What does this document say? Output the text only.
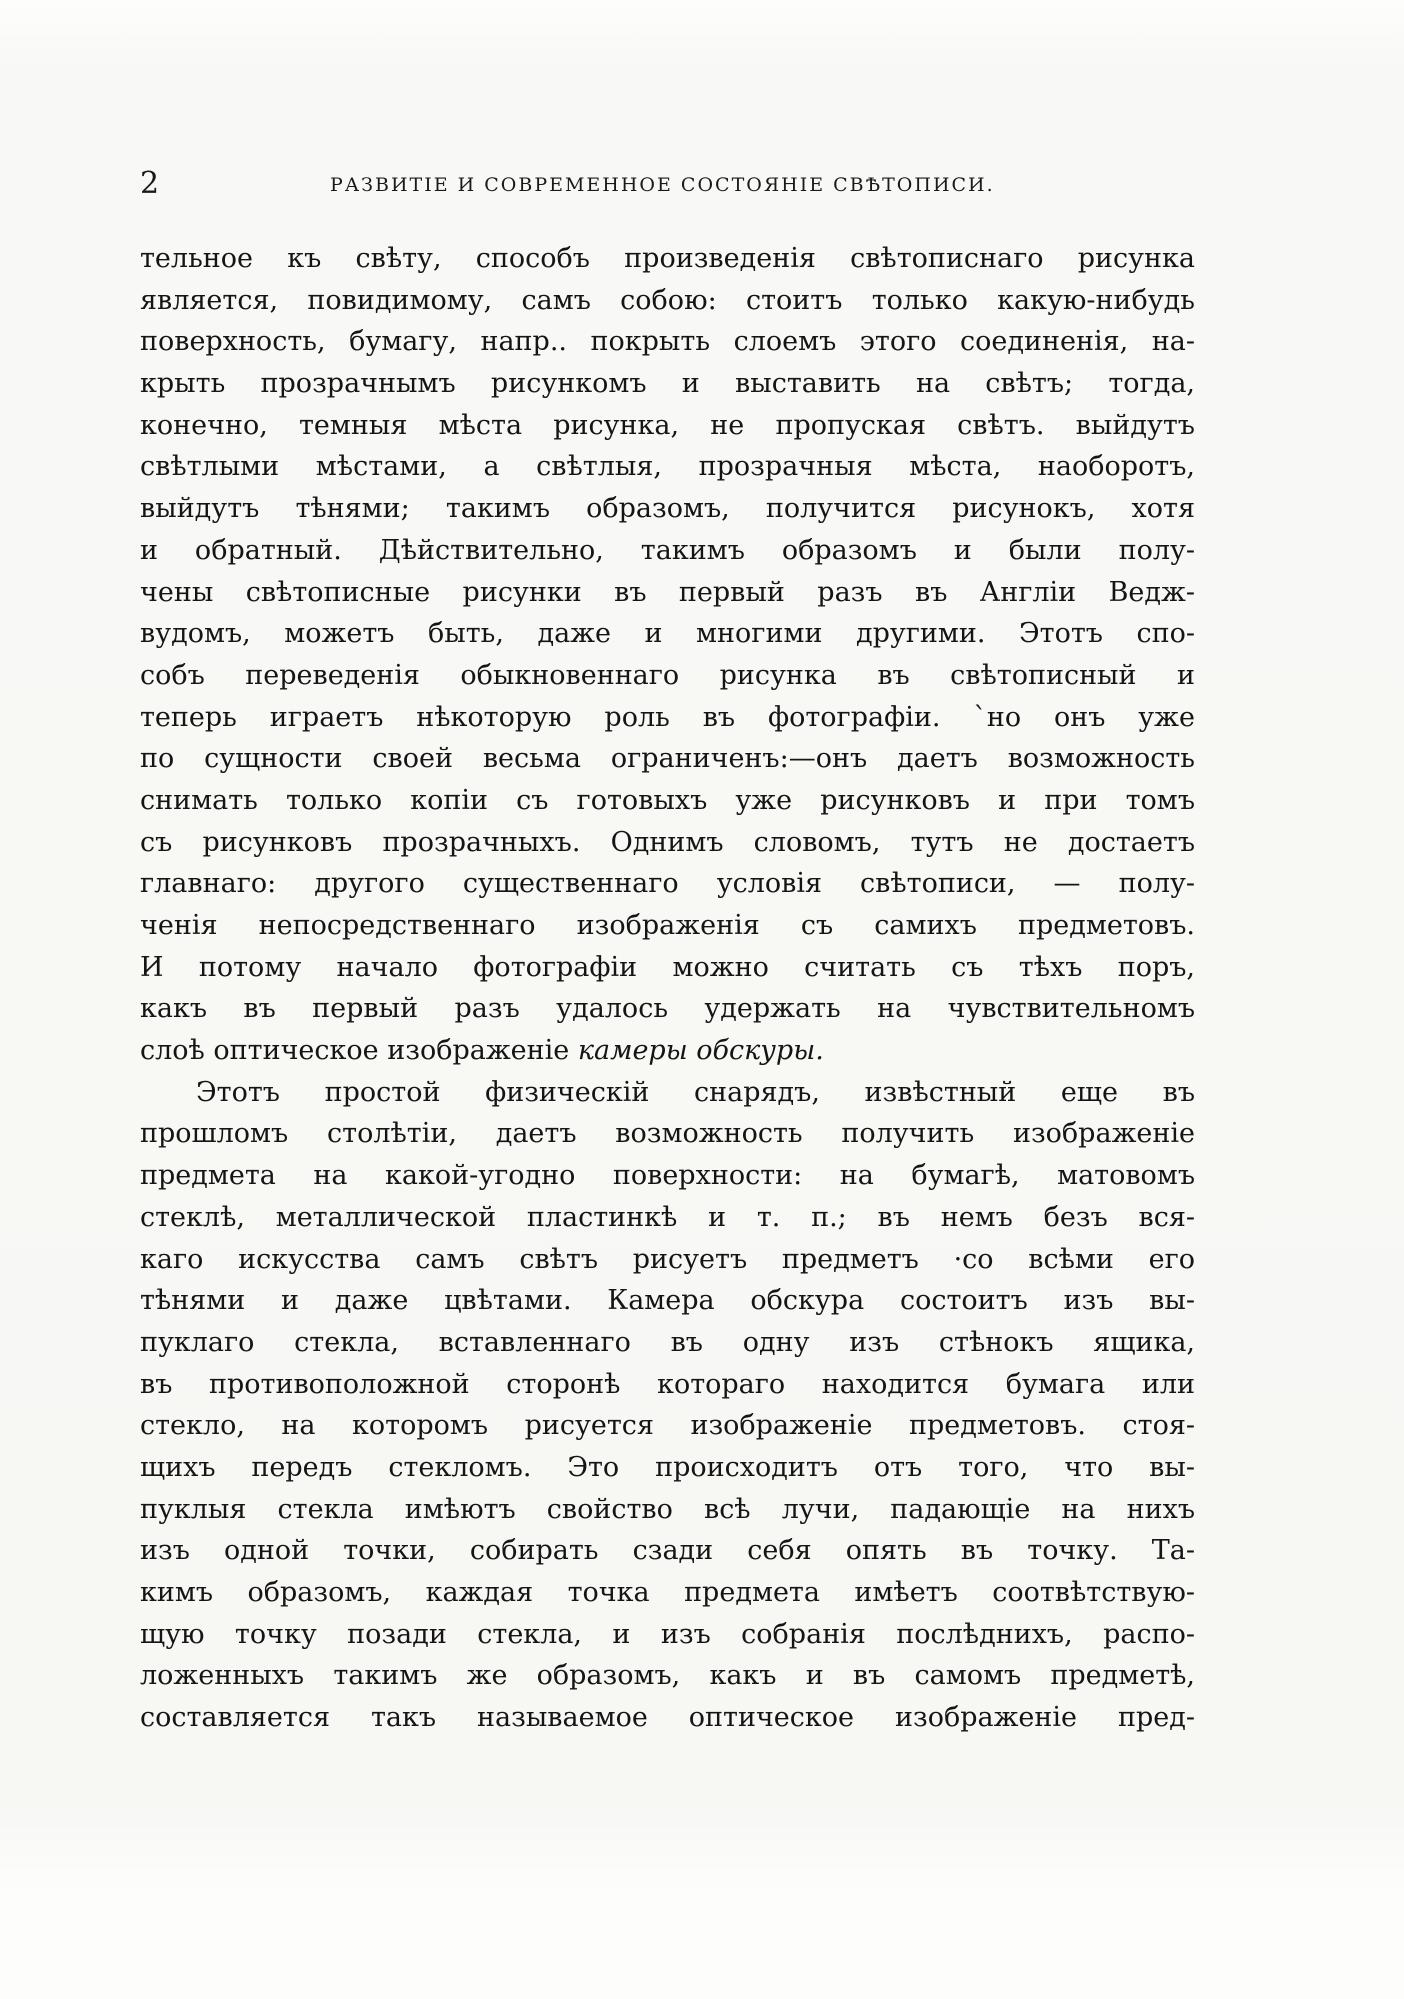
2	РАЗВИТІЕ И СОВРЕМЕННОЕ СОСТОЯНІЕ СВѢТОПИСИ.
тельное къ свѣту, способъ произведенія свѣтописнаго рисунка
является, повидимому, самъ собою: стоитъ только какую-нибудь
поверхность, бумагу, напр.. покрыть слоемъ этого соединенія, на-
крыть прозрачнымъ рисункомъ и выставить на свѣтъ; тогда,
конечно, темныя мѣста рисунка, не пропуская свѣтъ. выйдутъ
свѣтлыми мѣстами, а свѣтлыя, прозрачныя мѣста, наоборотъ,
выйдутъ тѣнями; такимъ образомъ, получится рисунокъ, хотя
и обратный. Дѣйствительно, такимъ образомъ и были полу-
чены свѣтописные рисунки въ первый разъ въ Англіи Ведж-
вудомъ, можетъ быть, даже и многими другими. Этотъ спо-
собъ переведенія обыкновеннаго рисунка въ свѣтописный и
теперь играетъ нѣкоторую роль въ фотографіи. `но онъ уже
по сущности своей весьма ограниченъ:—онъ даетъ возможность
снимать только копіи съ готовыхъ уже рисунковъ и при томъ
съ рисунковъ прозрачныхъ. Однимъ словомъ, тутъ не достаетъ
главнаго: другого существеннаго условія свѣтописи, — полу-
ченія непосредственнаго изображенія съ самихъ предметовъ.
И потому начало фотографіи можно считать съ тѣхъ поръ,
какъ въ первый разъ удалось удержать на чувствительномъ
слоѣ оптическое изображеніе камеры обскуры.
Этотъ простой физическій снарядъ, извѣстный еще въ
прошломъ столѣтіи, даетъ возможность получить изображеніе
предмета на какой-угодно поверхности: на бумагѣ, матовомъ
стеклѣ, металлической пластинкѣ и т. п.; въ немъ безъ вся-
каго искусства самъ свѣтъ рисуетъ предметъ ·со всѣми его
тѣнями и даже цвѣтами. Камера обскура состоитъ изъ вы-
пуклаго стекла, вставленнаго въ одну изъ стѣнокъ ящика,
въ противоположной сторонѣ котораго находится бумага или
стекло, на которомъ рисуется изображеніе предметовъ. стоя-
щихъ передъ стекломъ. Это происходитъ отъ того, что вы-
пуклыя стекла имѣютъ свойство всѣ лучи, падающіе на нихъ
изъ одной точки, собирать сзади себя опять въ точку. Та-
кимъ образомъ, каждая точка предмета имѣетъ соотвѣтствую-
щую точку позади стекла, и изъ собранія послѣднихъ, распо-
ложенныхъ такимъ же образомъ, какъ и въ самомъ предметѣ,
составляется такъ называемое оптическое изображеніе пред-
